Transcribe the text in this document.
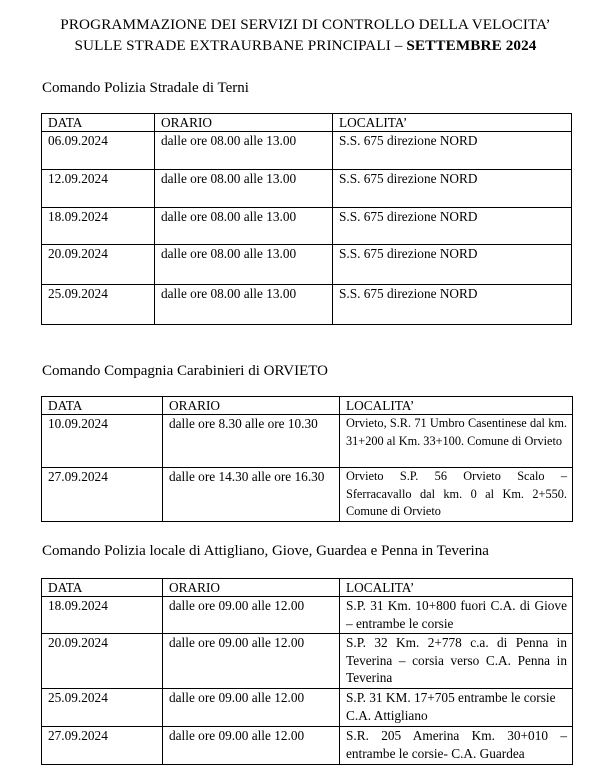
PROGRAMMAZIONE DEI SERVIZI DI CONTROLLO DELLA VELOCITA’
SULLE STRADE EXTRAURBANE PRINCIPALI – SETTEMBRE 2024
Comando Polizia Stradale di Terni
DATA	ORARIO	LOCALITA’
06.09.2024	dalle ore 08.00 alle 13.00	S.S. 675 direzione NORD
12.09.2024	dalle ore 08.00 alle 13.00	S.S. 675 direzione NORD
18.09.2024	dalle ore 08.00 alle 13.00	S.S. 675 direzione NORD
20.09.2024	dalle ore 08.00 alle 13.00	S.S. 675 direzione NORD
25.09.2024	dalle ore 08.00 alle 13.00	S.S. 675 direzione NORD
Comando Compagnia Carabinieri di ORVIETO
DATA	ORARIO	LOCALITA’
10.09.2024	dalle ore 8.30 alle ore 10.30	Orvieto, S.R. 71 Umbro Casentinese dal km. 31+200 al Km. 33+100. Comune di Orvieto
27.09.2024	dalle ore 14.30 alle ore 16.30	Orvieto S.P. 56 Orvieto Scalo – Sferracavallo dal km. 0 al Km. 2+550. Comune di Orvieto
Comando Polizia locale di Attigliano, Giove, Guardea e Penna in Teverina
DATA	ORARIO	LOCALITA’
18.09.2024	dalle ore 09.00 alle 12.00	S.P. 31 Km. 10+800 fuori C.A. di Giove – entrambe le corsie
20.09.2024	dalle ore 09.00 alle 12.00	S.P. 32 Km. 2+778 c.a. di Penna in Teverina – corsia verso C.A. Penna in Teverina
25.09.2024	dalle ore 09.00 alle 12.00	S.P. 31 KM. 17+705 entrambe le corsie C.A. Attigliano
27.09.2024	dalle ore 09.00 alle 12.00	S.R. 205 Amerina Km. 30+010 – entrambe le corsie- C.A. Guardea
